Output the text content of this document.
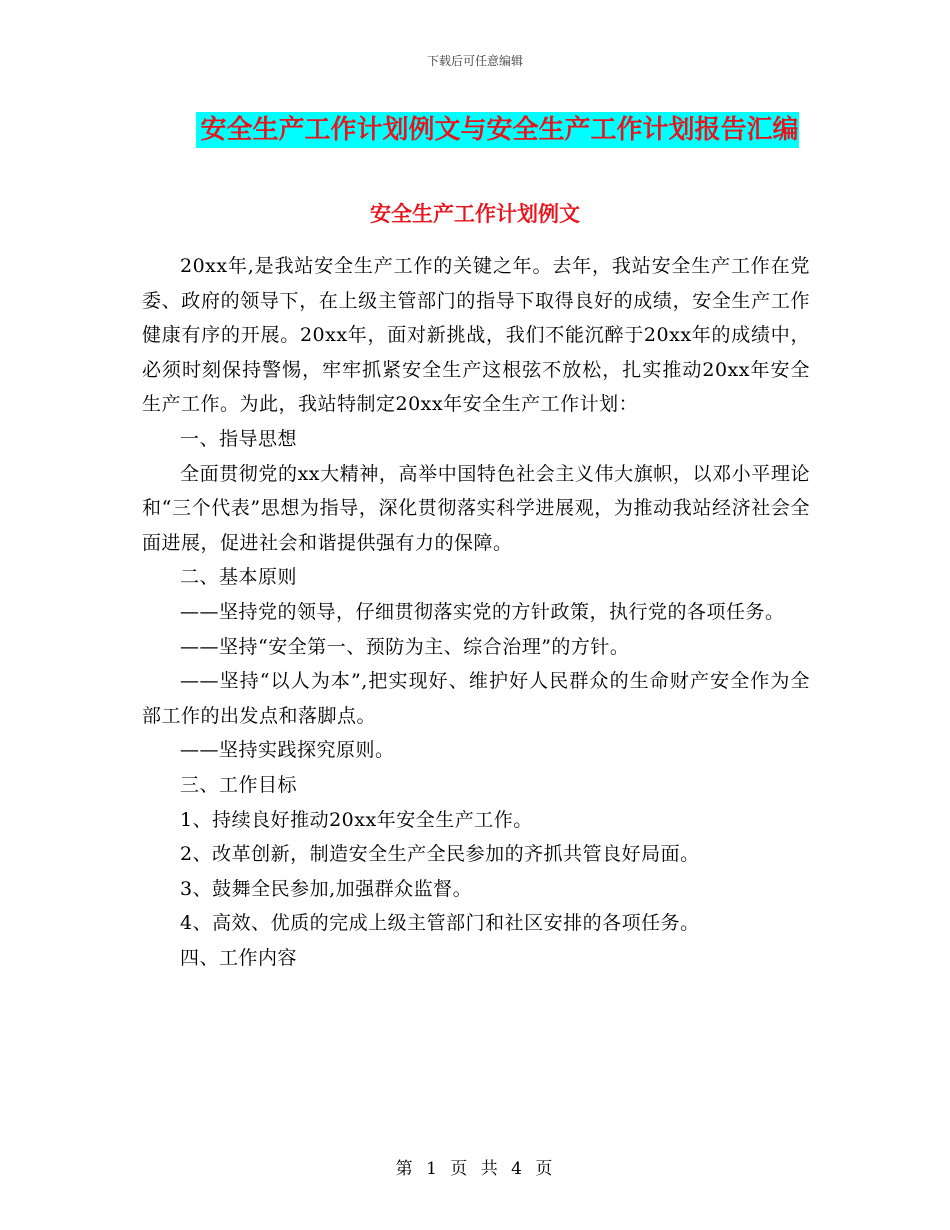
下载后可任意编辑
安全生产工作计划例文与安全生产工作计划报告汇编
安全生产工作计划例文

20xx年,是我站安全生产工作的关键之年。去年，我站安全生产工作在党委、政府的领导下，在上级主管部门的指导下取得良好的成绩，安全生产工作健康有序的开展。20xx年，面对新挑战，我们不能沉醉于20xx年的成绩中，必须时刻保持警惕，牢牢抓紧安全生产这根弦不放松，扎实推动20xx年安全生产工作。为此，我站特制定20xx年安全生产工作计划：

一、指导思想

全面贯彻党的xx大精神，高举中国特色社会主义伟大旗帜，以邓小平理论和“三个代表”思想为指导，深化贯彻落实科学进展观，为推动我站经济社会全面进展，促进社会和谐提供强有力的保障。

二、基本原则

——坚持党的领导，仔细贯彻落实党的方针政策，执行党的各项任务。

——坚持“安全第一、预防为主、综合治理”的方针。

——坚持“以人为本”,把实现好、维护好人民群众的生命财产安全作为全部工作的出发点和落脚点。

——坚持实践探究原则。

三、工作目标

1、持续良好推动20xx年安全生产工作。

2、改革创新，制造安全生产全民参加的齐抓共管良好局面。

3、鼓舞全民参加,加强群众监督。

4、高效、优质的完成上级主管部门和社区安排的各项任务。

四、工作内容

第 1 页 共 4 页
